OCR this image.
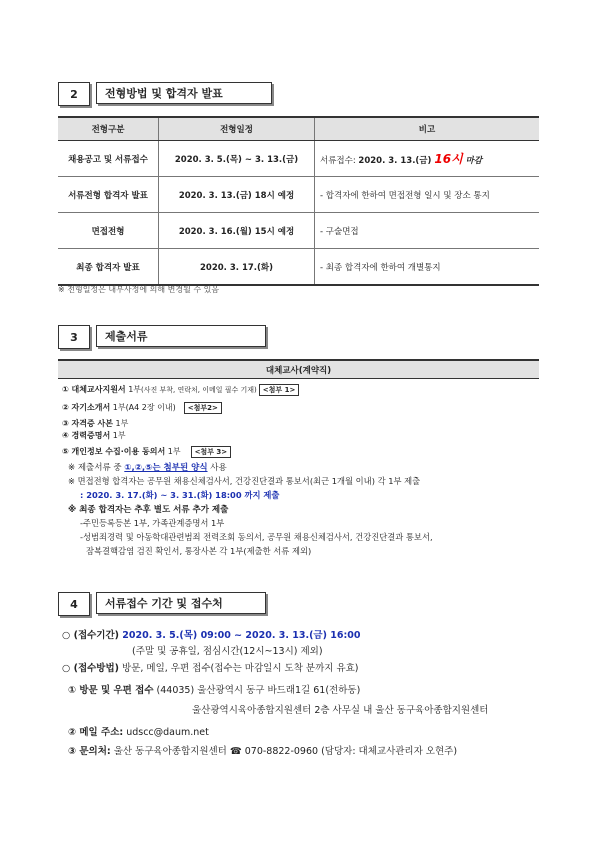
2	전형방법 및 합격자 발표
전형구분	전형일정	비고
채용공고 및 서류접수	2020. 3. 5.(목) ~ 3. 13.(금)	서류접수: 2020. 3. 13.(금) 16시 마감
서류전형 합격자 발표	2020. 3. 13.(금) 18시 예정	- 합격자에 한하여 면접전형 일시 및 장소 통지
면접전형	2020. 3. 16.(월) 15시 예정	- 구술면접
최종 합격자 발표	2020. 3. 17.(화)	- 최종 합격자에 한하여 개별통지
※ 전형일정은 내부사정에 의해 변경될 수 있음
3	제출서류
대체교사(계약직)
① 대체교사지원서 1부(사진 부착, 연락처, 이메일 필수 기재) <첨부 1>
② 자기소개서 1부(A4 2장 이내) <첨부2>
③ 자격증 사본 1부
④ 경력증명서 1부
⑤ 개인정보 수집·이용 동의서 1부 <첨부 3>
※ 제출서류 중 ①,②,⑤는 첨부된 양식 사용
※ 면접전형 합격자는 공무원 채용신체검사서, 건강진단결과 통보서(최근 1개월 이내) 각 1부 제출
: 2020. 3. 17.(화) ~ 3. 31.(화) 18:00 까지 제출
※ 최종 합격자는 추후 별도 서류 추가 제출
-주민등록등본 1부, 가족관계증명서 1부
-성범죄경력 및 아동학대관련범죄 전력조회 동의서, 공무원 채용신체검사서, 건강진단결과 통보서,
잠복결핵감염 검진 확인서, 통장사본 각 1부(제출한 서류 제외)
4	서류접수 기간 및 접수처
○ (접수기간) 2020. 3. 5.(목) 09:00 ~ 2020. 3. 13.(금) 16:00
(주말 및 공휴일, 점심시간(12시~13시) 제외)
○ (접수방법) 방문, 메일, 우편 접수(접수는 마감일시 도착 분까지 유효)
① 방문 및 우편 접수 (44035) 울산광역시 동구 바드래1길 61(전하동)
울산광역시육아종합지원센터 2층 사무실 내 울산 동구육아종합지원센터
② 메일 주소: udscc@daum.net
③ 문의처: 울산 동구육아종합지원센터 ☎ 070-8822-0960 (담당자: 대체교사관리자 오현주)
